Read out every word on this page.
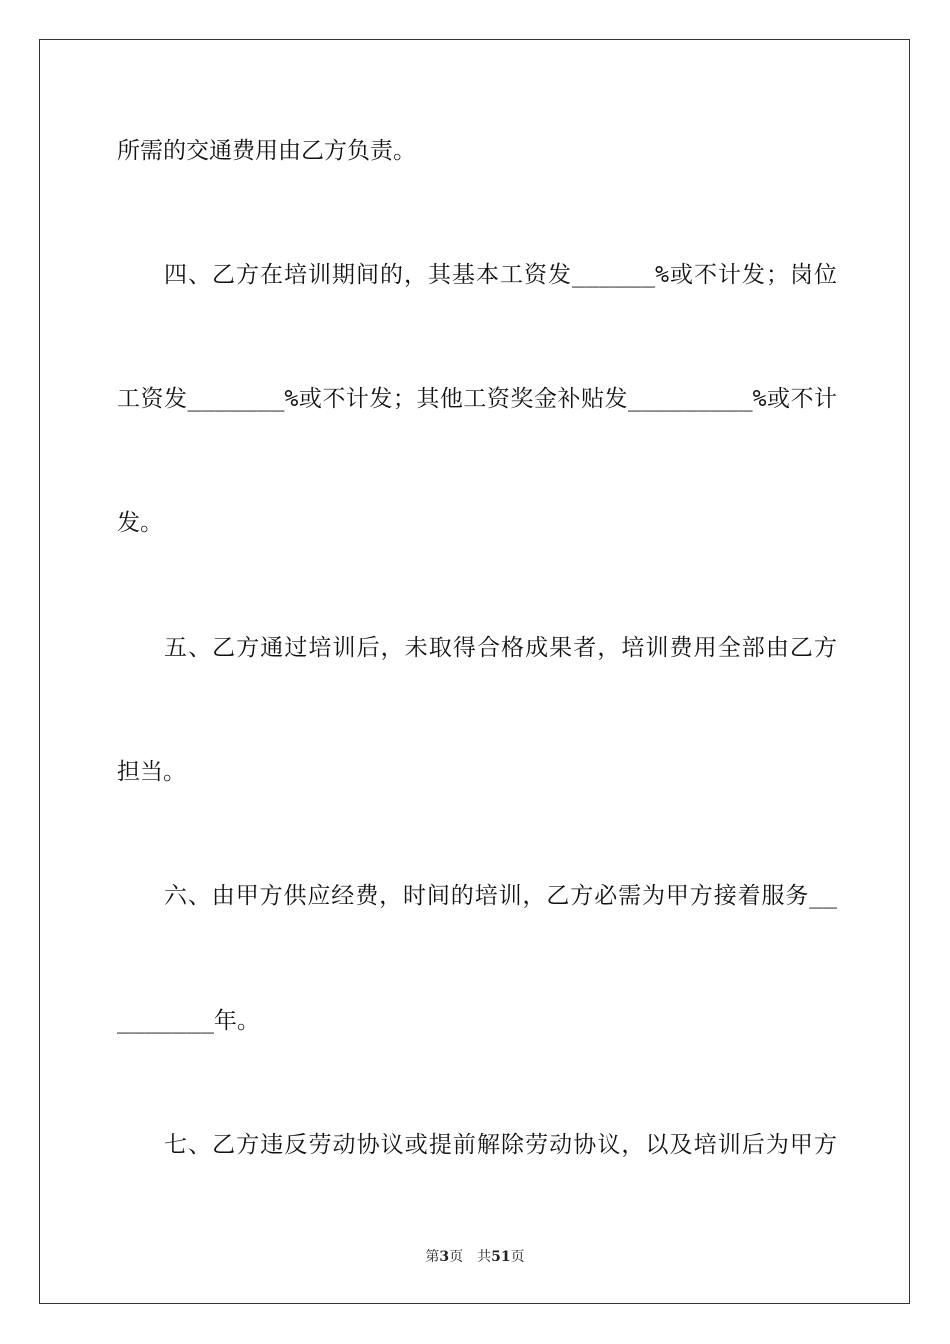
所需的交通费用由乙方负责。
四、乙方在培训期间的，其基本工资发______%或不计发；岗位
工资发_______%或不计发；其他工资奖金补贴发_________%或不计
发。
五、乙方通过培训后，未取得合格成果者，培训费用全部由乙方
担当。
六、由甲方供应经费，时间的培训，乙方必需为甲方接着服务__
_______年。
七、乙方违反劳动协议或提前解除劳动协议，以及培训后为甲方
第3页 共51页
